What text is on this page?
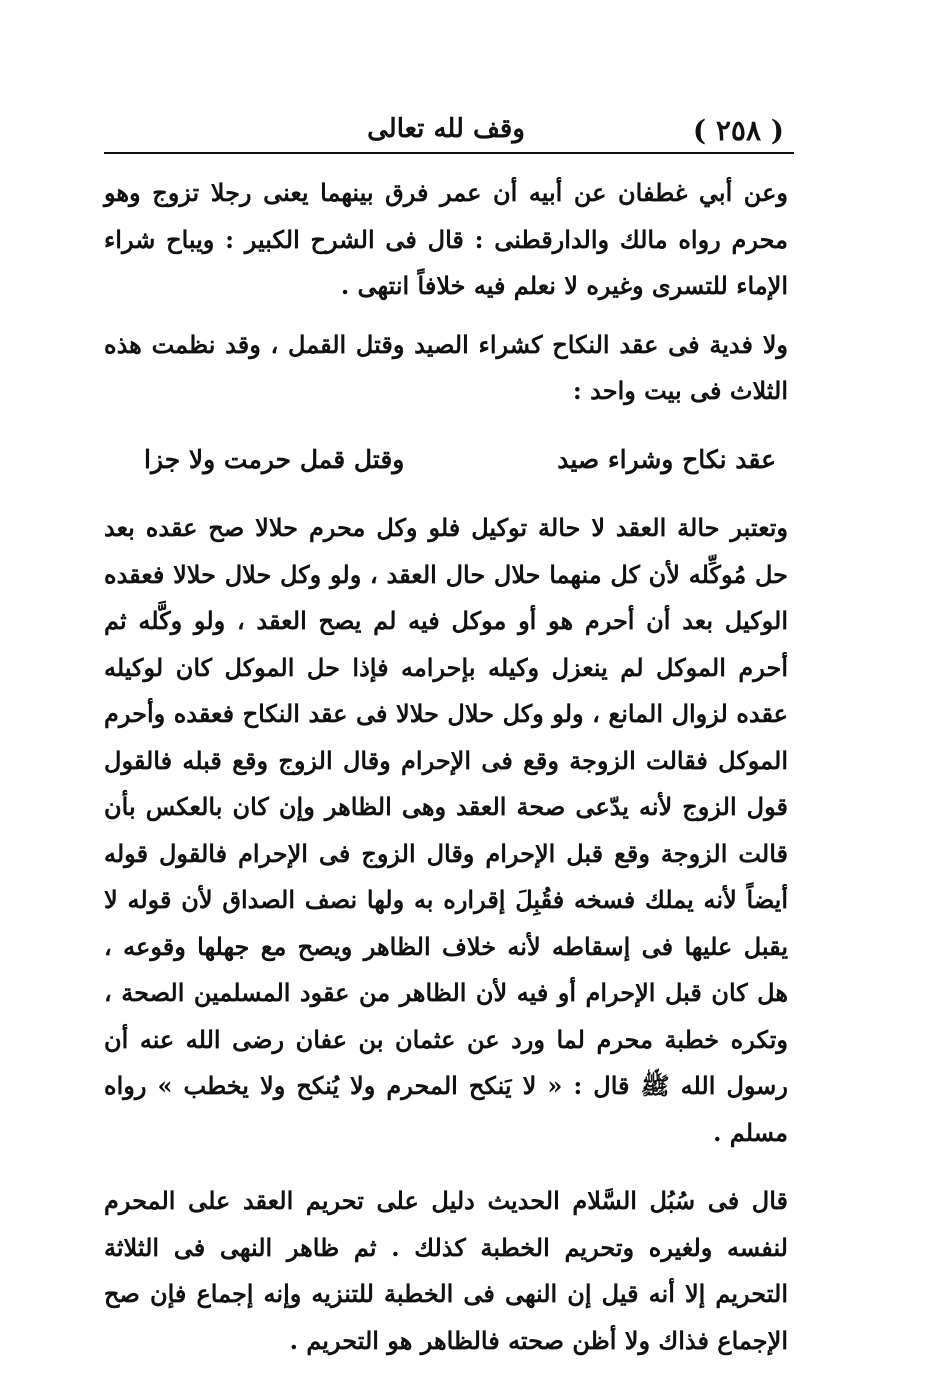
( ٢٥٨ )
وقف لله تعالى

وعن أبي غطفان عن أبيه أن عمر فرق بينهما يعنى رجلا تزوج وهو محرم رواه مالك والدارقطنى : قال فى الشرح الكبير : ويباح شراء الإماء للتسرى وغيره لا نعلم فيه خلافاً انتهى .

ولا فدية فى عقد النكاح كشراء الصيد وقتل القمل ، وقد نظمت هذه الثلاث فى بيت واحد :

عقد نكاح وشراء صيد
وقتل قمل حرمت ولا جزا

وتعتبر حالة العقد لا حالة توكيل فلو وكل محرم حلالا صح عقده بعد حل مُوكِّله لأن كل منهما حلال حال العقد ، ولو وكل حلال حلالا فعقده الوكيل بعد أن أحرم هو أو موكل فيه لم يصح العقد ، ولو وكَّله ثم أحرم الموكل لم ينعزل وكيله بإحرامه فإذا حل الموكل كان لوكيله عقده لزوال المانع ، ولو وكل حلال حلالا فى عقد النكاح فعقده وأحرم الموكل فقالت الزوجة وقع فى الإحرام وقال الزوج وقع قبله فالقول قول الزوج لأنه يدّعى صحة العقد وهى الظاهر وإن كان بالعكس بأن قالت الزوجة وقع قبل الإحرام وقال الزوج فى الإحرام فالقول قوله أيضاً لأنه يملك فسخه فقُبِلَ إقراره به ولها نصف الصداق لأن قوله لا يقبل عليها فى إسقاطه لأنه خلاف الظاهر ويصح مع جهلها وقوعه ، هل كان قبل الإحرام أو فيه لأن الظاهر من عقود المسلمين الصحة ، وتكره خطبة محرم لما ورد عن عثمان بن عفان رضى الله عنه أن رسول الله ﷺ قال : « لا يَنكح المحرم ولا يُنكح ولا يخطب » رواه مسلم .

قال فى سُبُل السَّلام الحديث دليل على تحريم العقد على المحرم لنفسه ولغيره وتحريم الخطبة كذلك . ثم ظاهر النهى فى الثلاثة التحريم إلا أنه قيل إن النهى فى الخطبة للتنزيه وإنه إجماع فإن صح الإجماع فذاك ولا أظن صحته فالظاهر هو التحريم .
